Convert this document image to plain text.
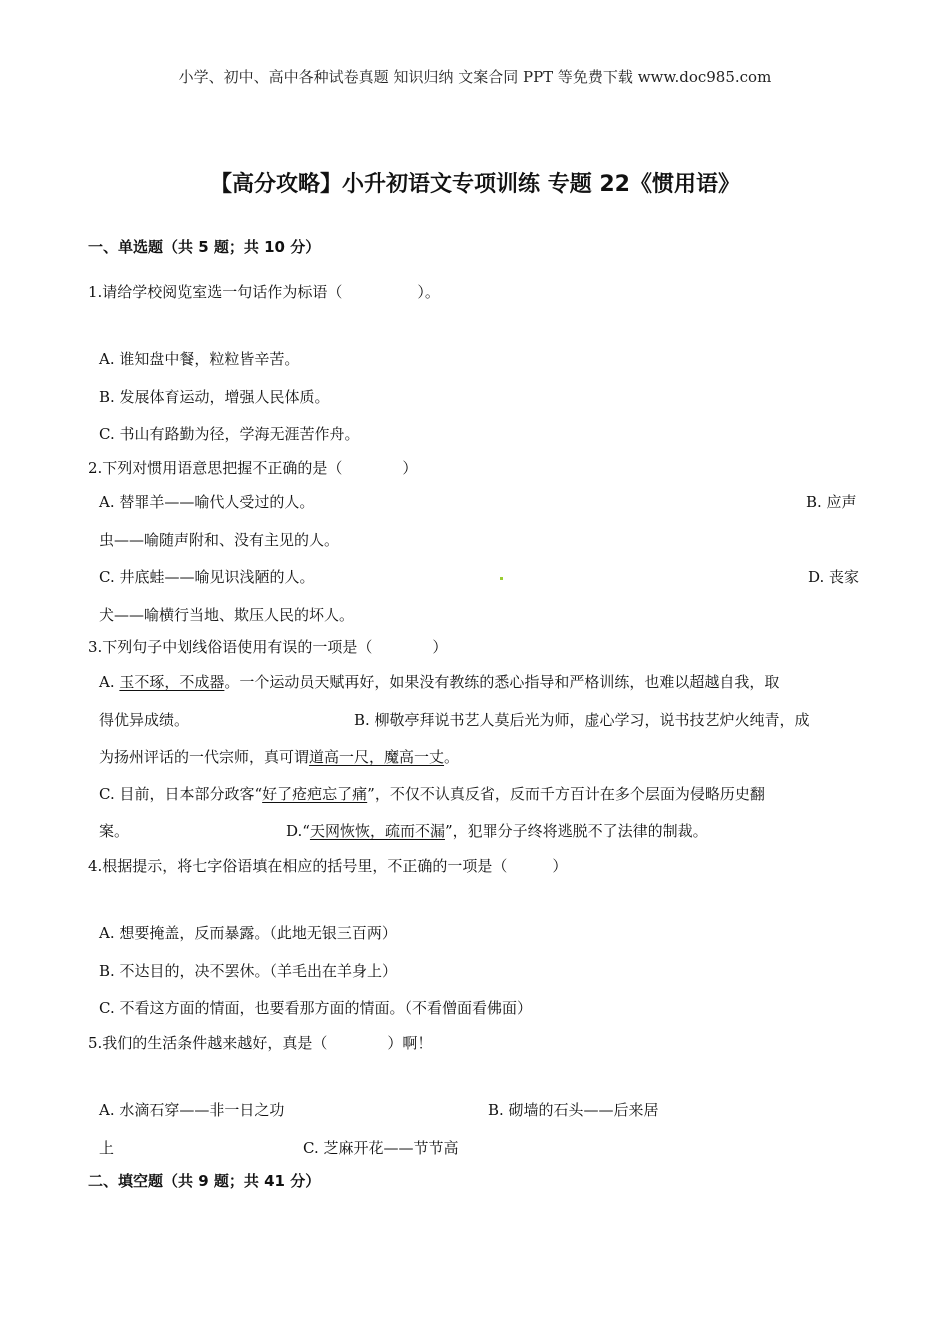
小学、初中、高中各种试卷真题 知识归纳 文案合同 PPT 等免费下载 www.doc985.com
【高分攻略】小升初语文专项训练 专题 22《惯用语》
一、单选题（共 5 题；共 10 分）
1.请给学校阅览室选一句话作为标语（　　　　　）。
A. 谁知盘中餐，粒粒皆辛苦。
B. 发展体育运动，增强人民体质。
C. 书山有路勤为径，学海无涯苦作舟。
2.下列对惯用语意思把握不正确的是（　　　　）
A. 替罪羊——喻代人受过的人。	B. 应声
虫——喻随声附和、没有主见的人。
C. 井底蛙——喻见识浅陋的人。	D. 丧家
犬——喻横行当地、欺压人民的坏人。
3.下列句子中划线俗语使用有误的一项是（　　　　）
A. 玉不琢，不成器。一个运动员天赋再好，如果没有教练的悉心指导和严格训练，也难以超越自我，取
得优异成绩。	B. 柳敬亭拜说书艺人莫后光为师，虚心学习，说书技艺炉火纯青，成
为扬州评话的一代宗师，真可谓道高一尺，魔高一丈。
C. 目前，日本部分政客“好了疮疤忘了痛”，不仅不认真反省，反而千方百计在多个层面为侵略历史翻
案。	D.“天网恢恢，疏而不漏”，犯罪分子终将逃脱不了法律的制裁。
4.根据提示，将七字俗语填在相应的括号里，不正确的一项是（　　　）
A. 想要掩盖，反而暴露。（此地无银三百两）
B. 不达目的，决不罢休。（羊毛出在羊身上）
C. 不看这方面的情面，也要看那方面的情面。（不看僧面看佛面）
5.我们的生活条件越来越好，真是（　　　　）啊！
A. 水滴石穿——非一日之功	B. 砌墙的石头——后来居
上	C. 芝麻开花——节节高
二、填空题（共 9 题；共 41 分）
